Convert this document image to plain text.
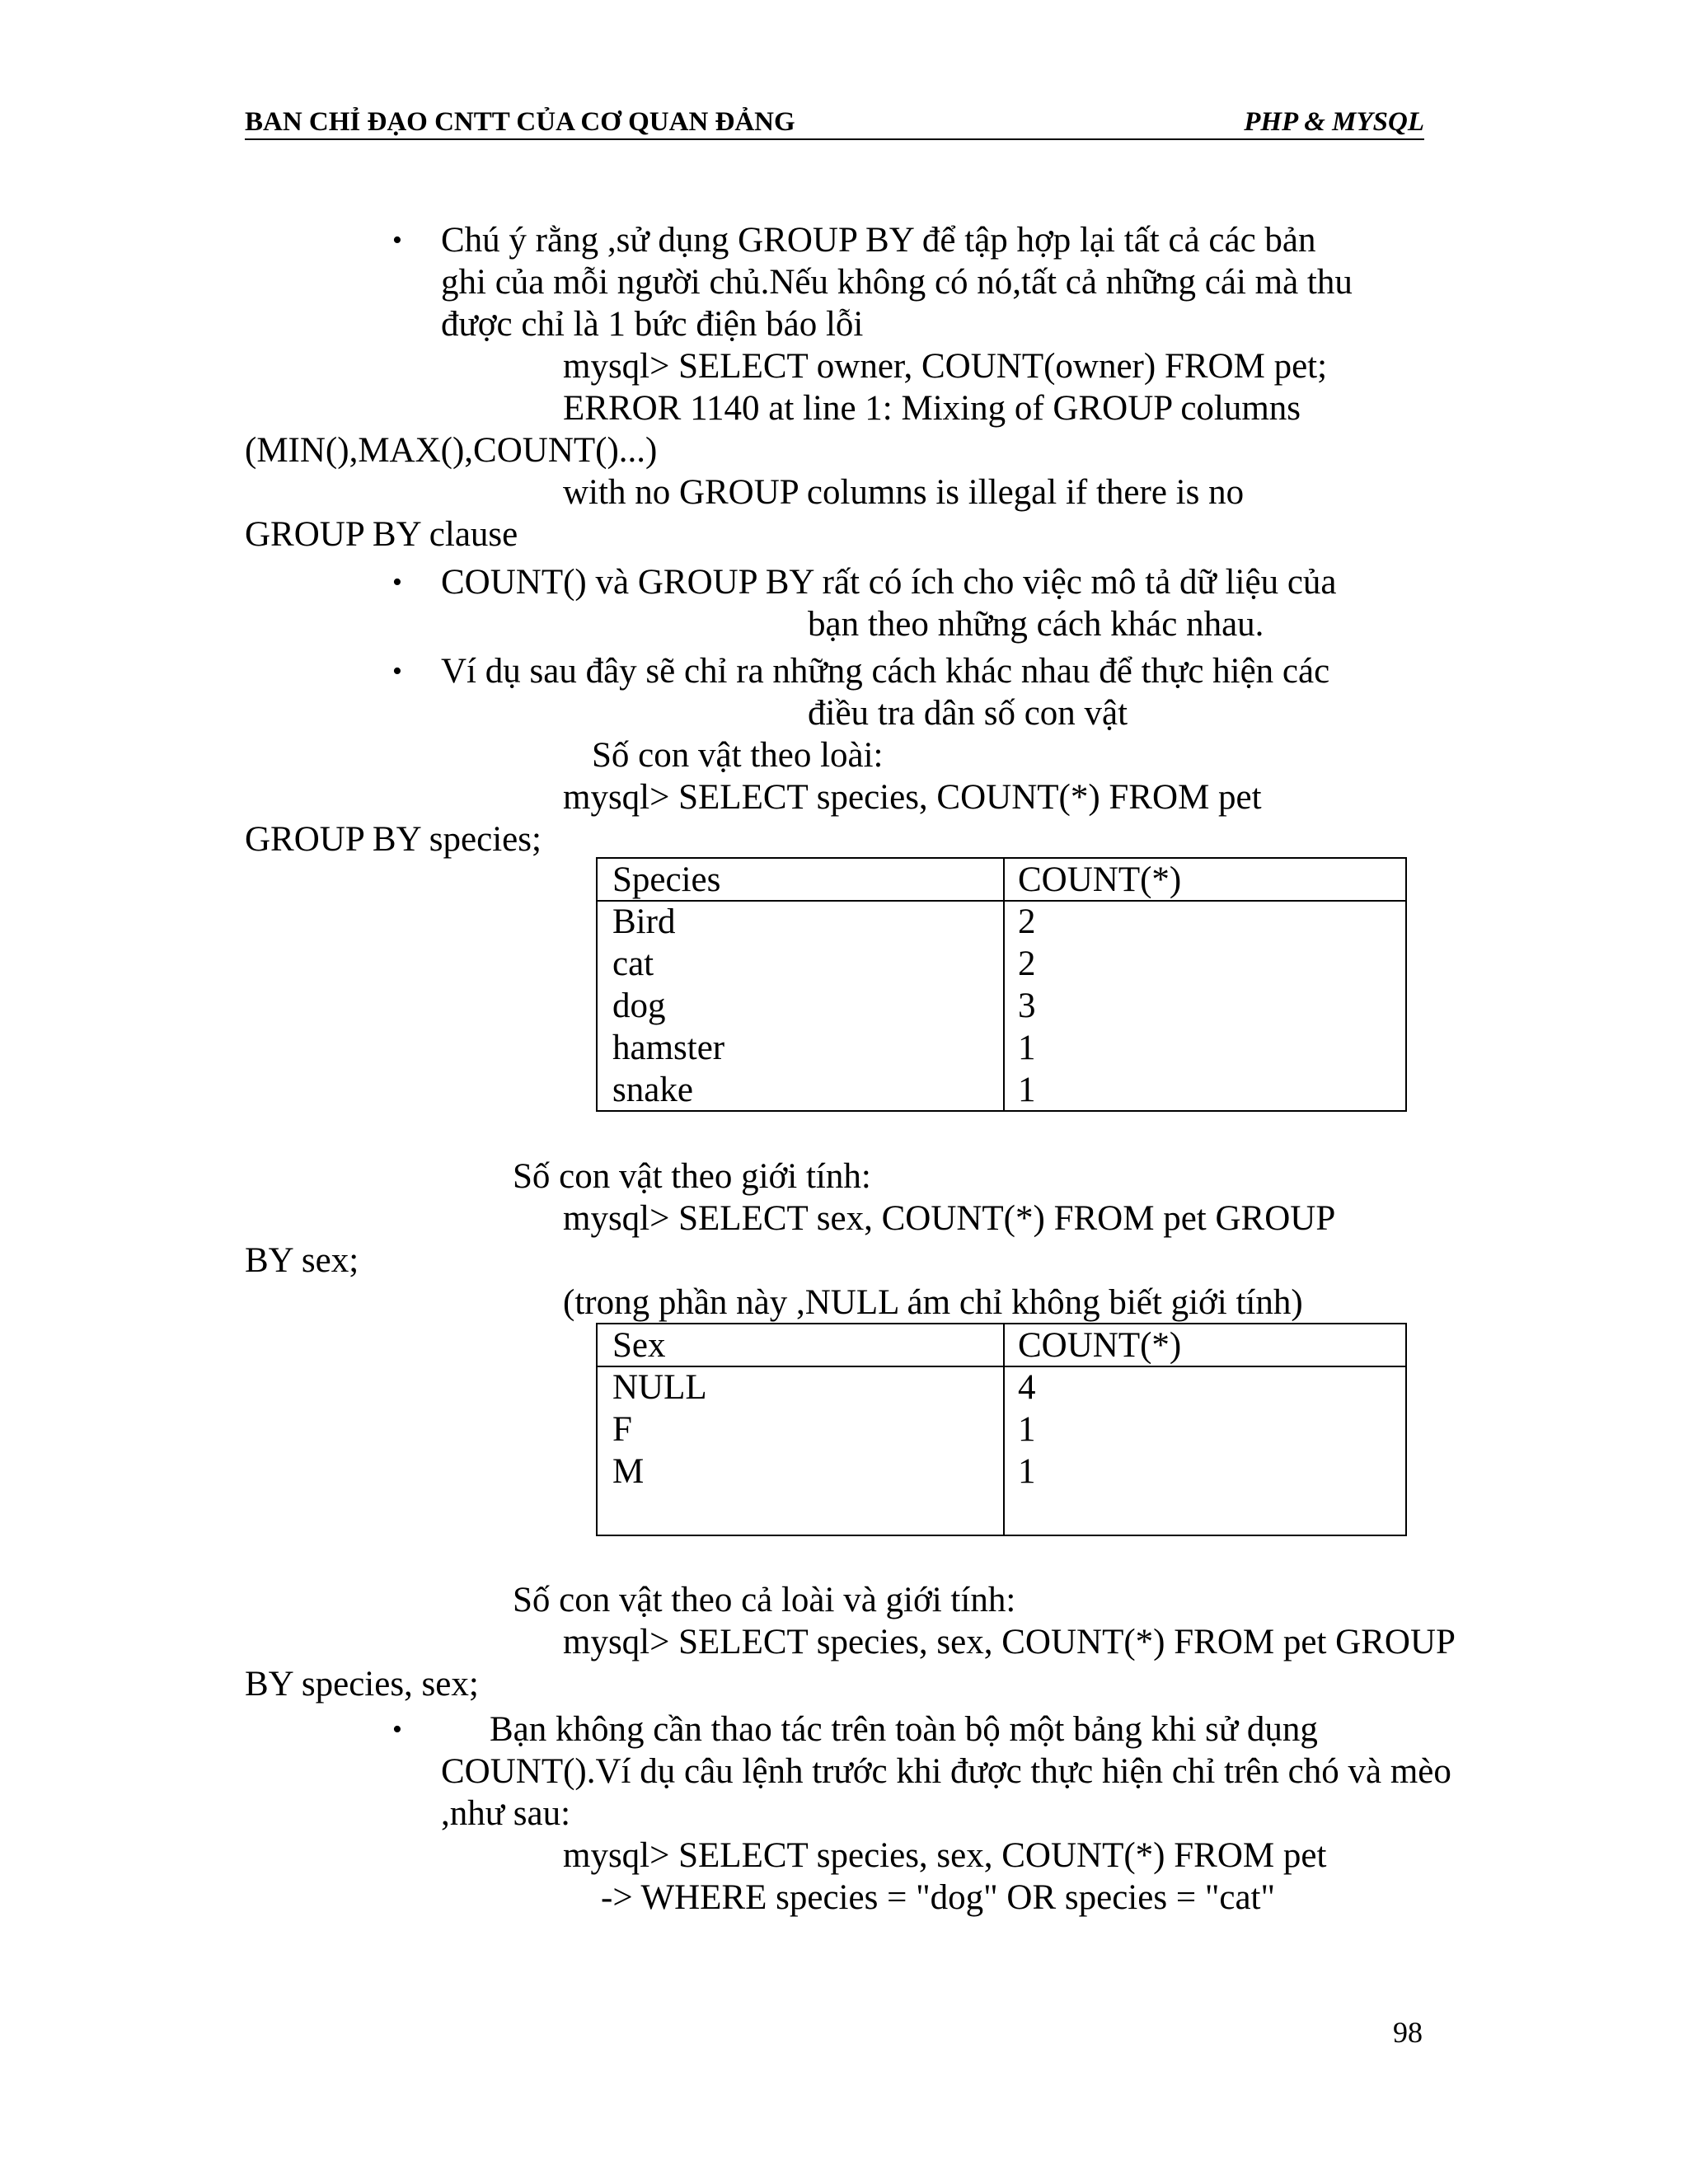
BAN CHỈ ĐẠO CNTT CỦA CƠ QUAN ĐẢNG	PHP & MYSQL
• Chú ý rằng ,sử dụng GROUP BY để tập hợp lại tất cả các bản
ghi của mỗi người chủ.Nếu không có nó,tất cả những cái mà thu
được chỉ là 1 bức điện báo lỗi
mysql> SELECT owner, COUNT(owner) FROM pet;
ERROR 1140 at line 1: Mixing of GROUP columns
(MIN(),MAX(),COUNT()...)
with no GROUP columns is illegal if there is no
GROUP BY clause
• COUNT() và GROUP BY rất có ích cho việc mô tả dữ liệu của
bạn theo những cách khác nhau.
• Ví dụ sau đây sẽ chỉ ra những cách khác nhau để thực hiện các
điều tra dân số con vật
Số con vật theo loài:
mysql> SELECT species, COUNT(*) FROM pet
GROUP BY species;
Species	COUNT(*)
Bird	2
cat	2
dog	3
hamster	1
snake	1
Số con vật theo giới tính:
mysql> SELECT sex, COUNT(*) FROM pet GROUP
BY sex;
(trong phần này ,NULL ám chỉ không biết giới tính)
Sex	COUNT(*)
NULL	4
F	1
M	1
Số con vật theo cả loài và giới tính:
mysql> SELECT species, sex, COUNT(*) FROM pet GROUP
BY species, sex;
• Bạn không cần thao tác trên toàn bộ một bảng khi sử dụng
COUNT().Ví dụ câu lệnh trước khi được thực hiện chỉ trên chó và mèo
,như sau:
mysql> SELECT species, sex, COUNT(*) FROM pet
-> WHERE species = "dog" OR species = "cat"
98
